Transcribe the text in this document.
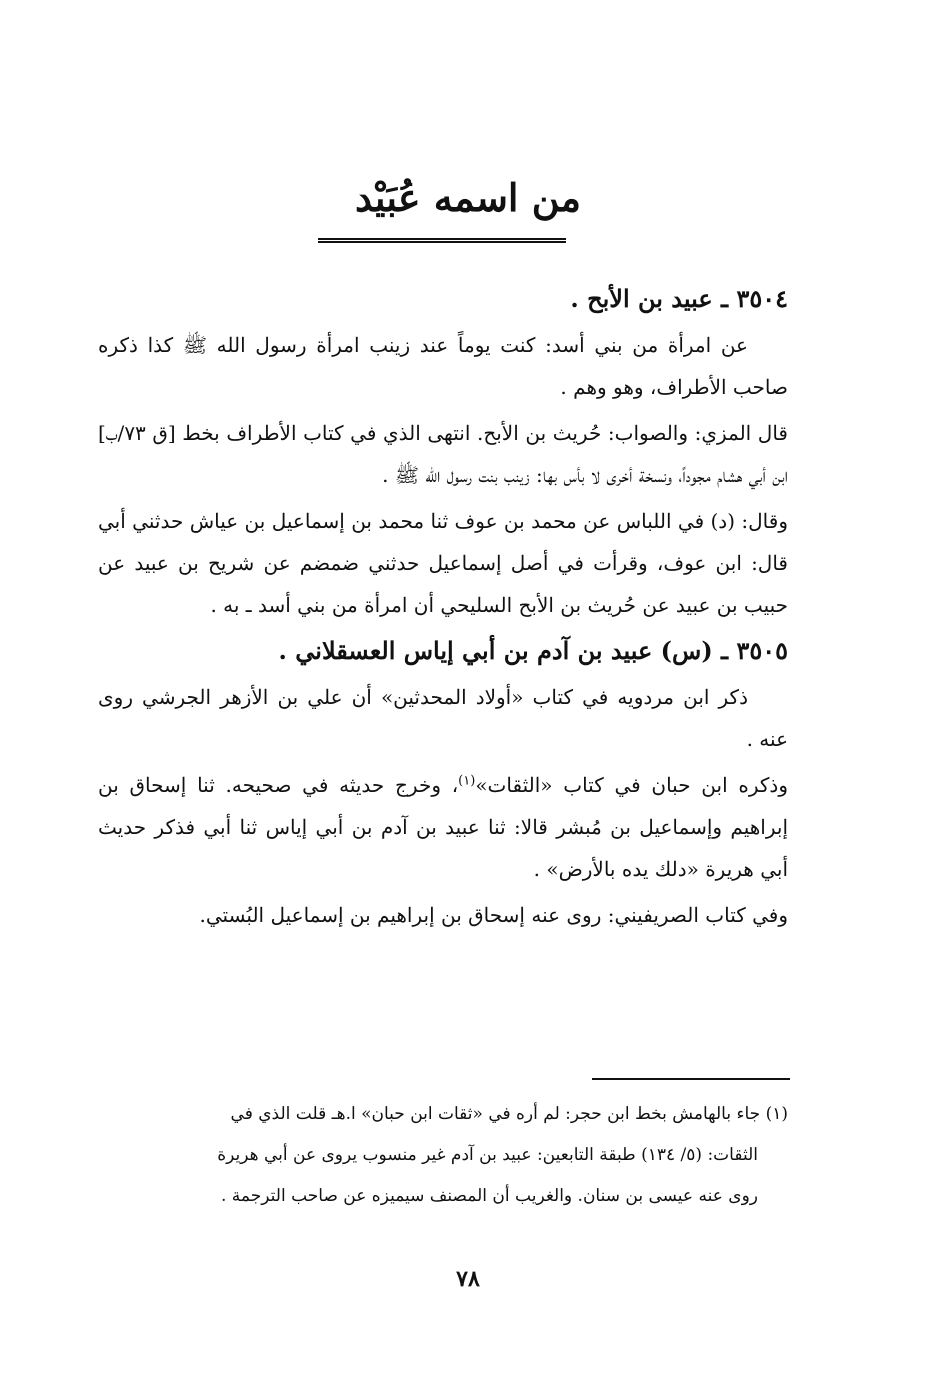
من اسمه عُبَيْد
٣٥٠٤ ـ عبيد بن الأبح .

عن امرأة من بني أسد: كنت يوماً عند زينب امرأة رسول الله ﷺ كذا ذكره صاحب الأطراف، وهو وهم .

قال المزي: والصواب: حُريث بن الأبح. انتهى الذي في كتاب الأطراف بخط [ق ٧٣/ب] ابن أبي هشام مجوداً، ونسخة أخرى لا بأس بها: زينب بنت رسول الله ﷺ .

وقال: (د) في اللباس عن محمد بن عوف ثنا محمد بن إسماعيل بن عياش حدثني أبي قال: ابن عوف، وقرأت في أصل إسماعيل حدثني ضمضم عن شريح بن عبيد عن حبيب بن عبيد عن حُريث بن الأبح السليحي أن امرأة من بني أسد ـ به .

٣٥٠٥ ـ (س) عبيد بن آدم بن أبي إياس العسقلاني .

ذكر ابن مردويه في كتاب «أولاد المحدثين» أن علي بن الأزهر الجرشي روى عنه .

وذكره ابن حبان في كتاب «الثقات»$^{(١)}$، وخرج حديثه في صحيحه. ثنا إسحاق بن إبراهيم وإسماعيل بن مُبشر قالا: ثنا عبيد بن آدم بن أبي إياس ثنا أبي فذكر حديث أبي هريرة «دلك يده بالأرض» .

وفي كتاب الصريفيني: روى عنه إسحاق بن إبراهيم بن إسماعيل البُستي.

(١) جاء بالهامش بخط ابن حجر: لم أره في «ثقات ابن حبان» ا.هـ قلت الذي في
الثقات: (٥/ ١٣٤) طبقة التابعين: عبيد بن آدم غير منسوب يروى عن أبي هريرة
روى عنه عيسى بن سنان. والغريب أن المصنف سيميزه عن صاحب الترجمة .

٧٨
